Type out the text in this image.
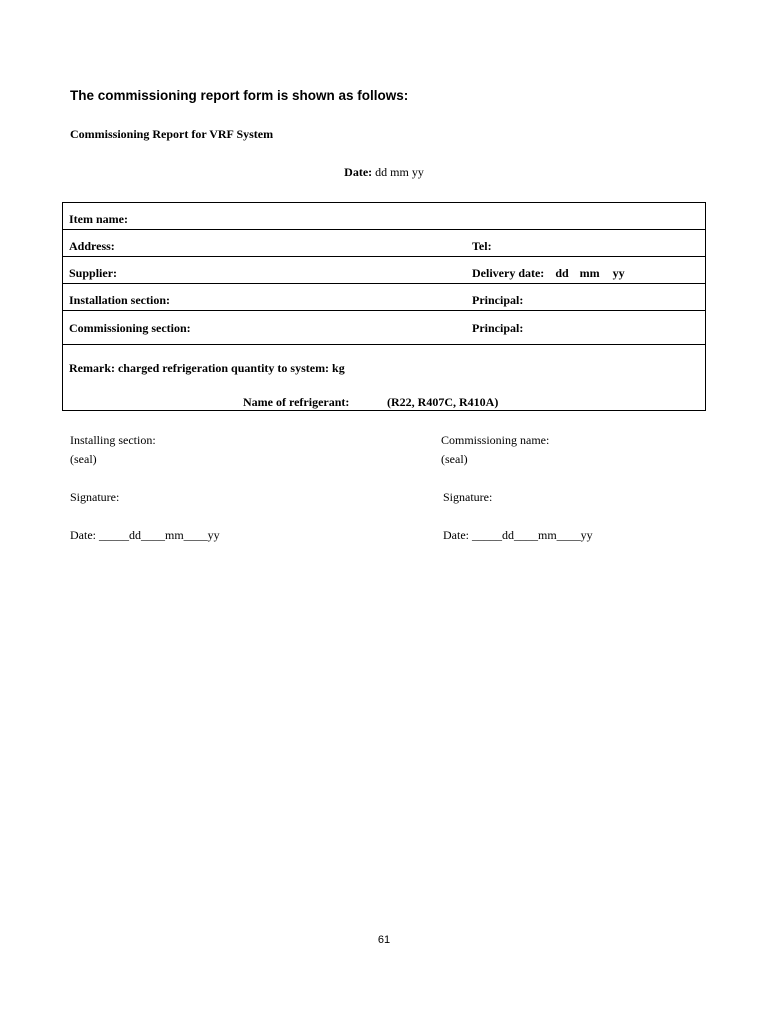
The commissioning report form is shown as follows:
Commissioning Report for VRF System
Date: dd mm yy
Item name:
Address:	Tel:
Supplier:	Delivery date: dd mm yy
Installation section:	Principal:
Commissioning section:	Principal:
Remark: charged refrigeration quantity to system: kg
Name of refrigerant:	(R22, R407C, R410A)
Installing section:
(seal)
Signature:
Date: _____dd____mm____yy
Commissioning name:
(seal)
Signature:
Date: _____dd____mm____yy
61
